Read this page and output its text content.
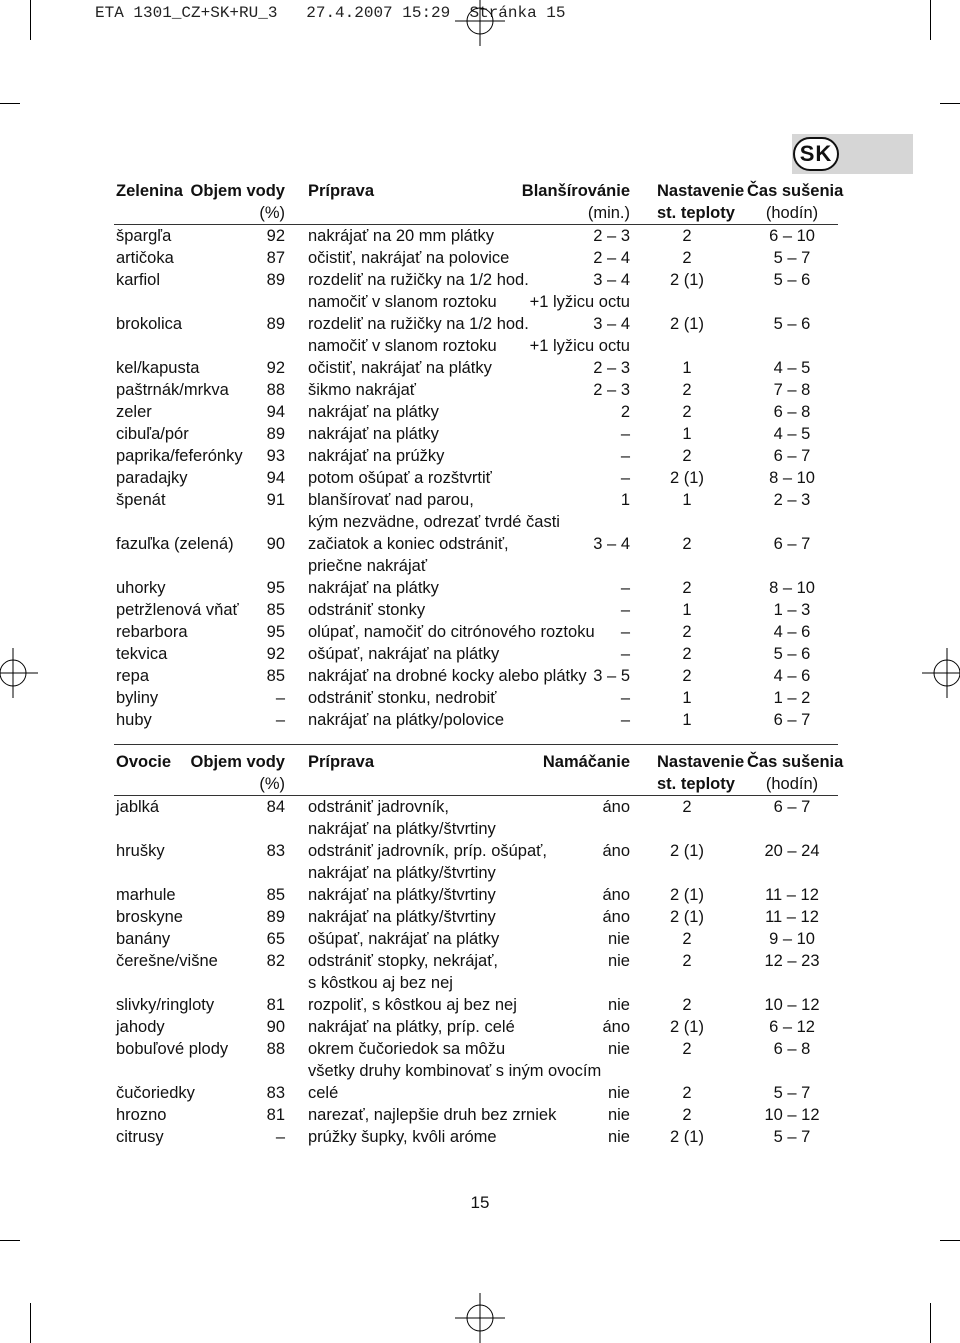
ETA 1301_CZ+SK+RU_3   27.4.2007 15:29  Stránka 15
SK
Zelenina Objem vody Príprava	Blanšírovánie Nastavenie Čas sušenia
(%)	(min.) st. teploty	(hodín)
špargľa	92 nakrájať na 20 mm plátky	2 – 3	2	6 – 10
artičoka	87 očistiť, nakrájať na polovice	2 – 4	2	5 – 7
karfiol	89 rozdeliť na ružičky na 1/2 hod.	3 – 4	2 (1)	5 – 6
namočiť v slanom roztoku +1 lyžicu octu
brokolica	89 rozdeliť na ružičky na 1/2 hod.	3 – 4	2 (1)	5 – 6
namočiť v slanom roztoku +1 lyžicu octu
kel/kapusta	92 očistiť, nakrájať na plátky	2 – 3	1	4 – 5
paštrnák/mrkva 88 šikmo nakrájať	2 – 3	2	7 – 8
zeler	94 nakrájať na plátky	2	2	6 – 8
cibuľa/pór	89 nakrájať na plátky	–	1	4 – 5
paprika/feferónky 93 nakrájať na prúžky	–	2	6 – 7
paradajky	94 potom ošúpať a rozštvrtiť	–	2 (1)	8 – 10
špenát	91 blanšírovať nad parou,	1	1	2 – 3
kým nezvädne, odrezať tvrdé časti
fazuľka (zelená) 90 začiatok a koniec odstrániť,	3 – 4	2	6 – 7
priečne nakrájať
uhorky	95 nakrájať na plátky	–	2	8 – 10
petržlenová vňať 85 odstrániť stonky	–	1	1 – 3
rebarbora	95 olúpať, namočiť do citrónového roztoku –	2	4 – 6
tekvica	92 ošúpať, nakrájať na plátky	–	2	5 – 6
repa	85 nakrájať na drobné kocky alebo plátky 3 – 5	2	4 – 6
byliny	– odstrániť stonku, nedrobiť	–	1	1 – 2
huby	– nakrájať na plátky/polovice	–	1	6 – 7
Ovocie Objem vody Príprava	Namáčanie Nastavenie Čas sušenia
(%)	st. teploty	(hodín)
jablká	84 odstrániť jadrovník,	áno	2	6 – 7
nakrájať na plátky/štvrtiny
hrušky	83 odstrániť jadrovník, príp. ošúpať,	áno	2 (1)	20 – 24
nakrájať na plátky/štvrtiny
marhule	85 nakrájať na plátky/štvrtiny	áno	2 (1)	11 – 12
broskyne	89 nakrájať na plátky/štvrtiny	áno	2 (1)	11 – 12
banány	65 ošúpať, nakrájať na plátky	nie	2	9 – 10
čerešne/višne	82 odstrániť stopky, nekrájať,	nie	2	12 – 23
s kôstkou aj bez nej
slivky/ringloty	81 rozpoliť, s kôstkou aj bez nej	nie	2	10 – 12
jahody	90 nakrájať na plátky, príp. celé	áno	2 (1)	6 – 12
bobuľové plody 88 okrem čučoriedok sa môžu	nie	2	6 – 8
všetky druhy kombinovať s iným ovocím
čučoriedky	83 celé	nie	2	5 – 7
hrozno	81 narezať, najlepšie druh bez zrniek	nie	2	10 – 12
citrusy	– prúžky šupky, kvôli aróme	nie	2 (1)	5 – 7
15
